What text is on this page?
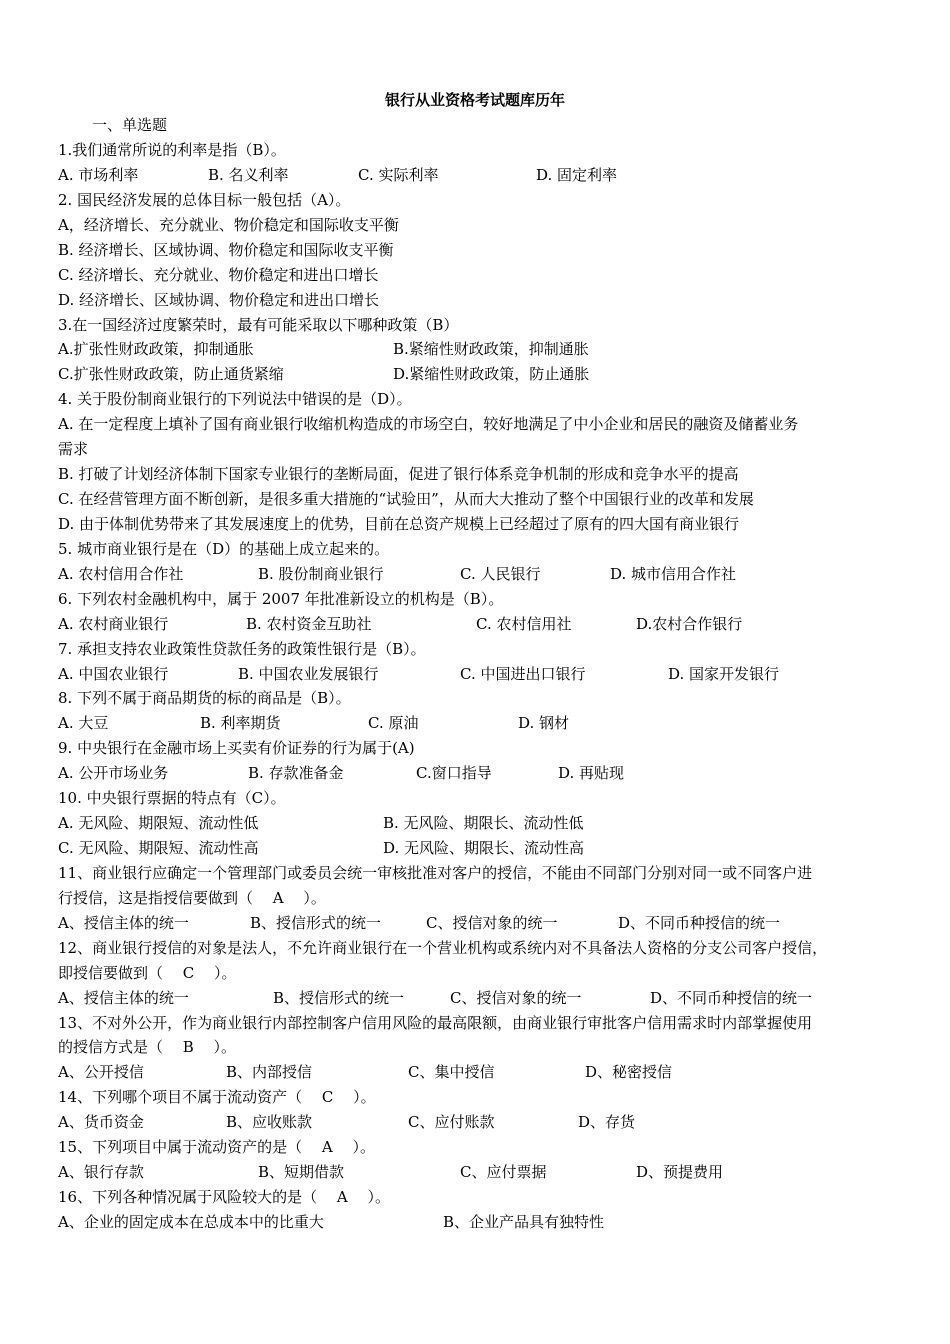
银行从业资格考试题库历年
一、单选题
1.我们通常所说的利率是指（B）。
A. 市场利率	B. 名义利率	C. 实际利率	D. 固定利率
2. 国民经济发展的总体目标一般包括（A）。
A，经济增长、充分就业、物价稳定和国际收支平衡
B. 经济增长、区域协调、物价稳定和国际收支平衡
C. 经济增长、充分就业、物价稳定和进出口增长
D. 经济增长、区域协调、物价稳定和进出口增长
3.在一国经济过度繁荣时，最有可能采取以下哪种政策（B）
A.扩张性财政政策，抑制通胀	B.紧缩性财政政策，抑制通胀
C.扩张性财政政策，防止通货紧缩	D.紧缩性财政政策，防止通胀
4. 关于股份制商业银行的下列说法中错误的是（D）。
A. 在一定程度上填补了国有商业银行收缩机构造成的市场空白，较好地满足了中小企业和居民的融资及储蓄业务
需求
B. 打破了计划经济体制下国家专业银行的垄断局面，促进了银行体系竞争机制的形成和竞争水平的提高
C. 在经营管理方面不断创新，是很多重大措施的“试验田”，从而大大推动了整个中国银行业的改革和发展
D. 由于体制优势带来了其发展速度上的优势，目前在总资产规模上已经超过了原有的四大国有商业银行
5. 城市商业银行是在（D）的基础上成立起来的。
A. 农村信用合作社	B. 股份制商业银行	C. 人民银行	D. 城市信用合作社
6. 下列农村金融机构中，属于 2007 年批准新设立的机构是（B）。
A. 农村商业银行	B. 农村资金互助社	C. 农村信用社	D.农村合作银行
7. 承担支持农业政策性贷款任务的政策性银行是（B）。
A. 中国农业银行	B. 中国农业发展银行	C. 中国进出口银行	D. 国家开发银行
8. 下列不属于商品期货的标的商品是（B）。
A. 大豆	B. 利率期货	C. 原油	D. 钢材
9. 中央银行在金融市场上买卖有价证券的行为属于(A)
A. 公开市场业务	B. 存款准备金	C.窗口指导	D. 再贴现
10. 中央银行票据的特点有（C）。
A. 无风险、期限短、流动性低	B. 无风险、期限长、流动性低
C. 无风险、期限短、流动性高	D. 无风险、期限长、流动性高
11、商业银行应确定一个管理部门或委员会统一审核批准对客户的授信，不能由不同部门分别对同一或不同客户进
行授信，这是指授信要做到（　 A　 ）。
A、授信主体的统一	B、授信形式的统一	C、授信对象的统一	D、不同币种授信的统一
12、商业银行授信的对象是法人，不允许商业银行在一个营业机构或系统内对不具备法人资格的分支公司客户授信，
即授信要做到（　 C　 ）。
A、授信主体的统一	B、授信形式的统一	C、授信对象的统一	D、不同币种授信的统一
13、不对外公开，作为商业银行内部控制客户信用风险的最高限额，由商业银行审批客户信用需求时内部掌握使用
的授信方式是（　 B　 ）。
A、公开授信	B、内部授信	C、集中授信	D、秘密授信
14、下列哪个项目不属于流动资产（　 C　 ）。
A、货币资金	B、应收账款	C、应付账款	D、存货
15、下列项目中属于流动资产的是（　 A　 ）。
A、银行存款	B、短期借款	C、应付票据	D、预提费用
16、下列各种情况属于风险较大的是（　 A　 ）。
A、企业的固定成本在总成本中的比重大	B、企业产品具有独特性
